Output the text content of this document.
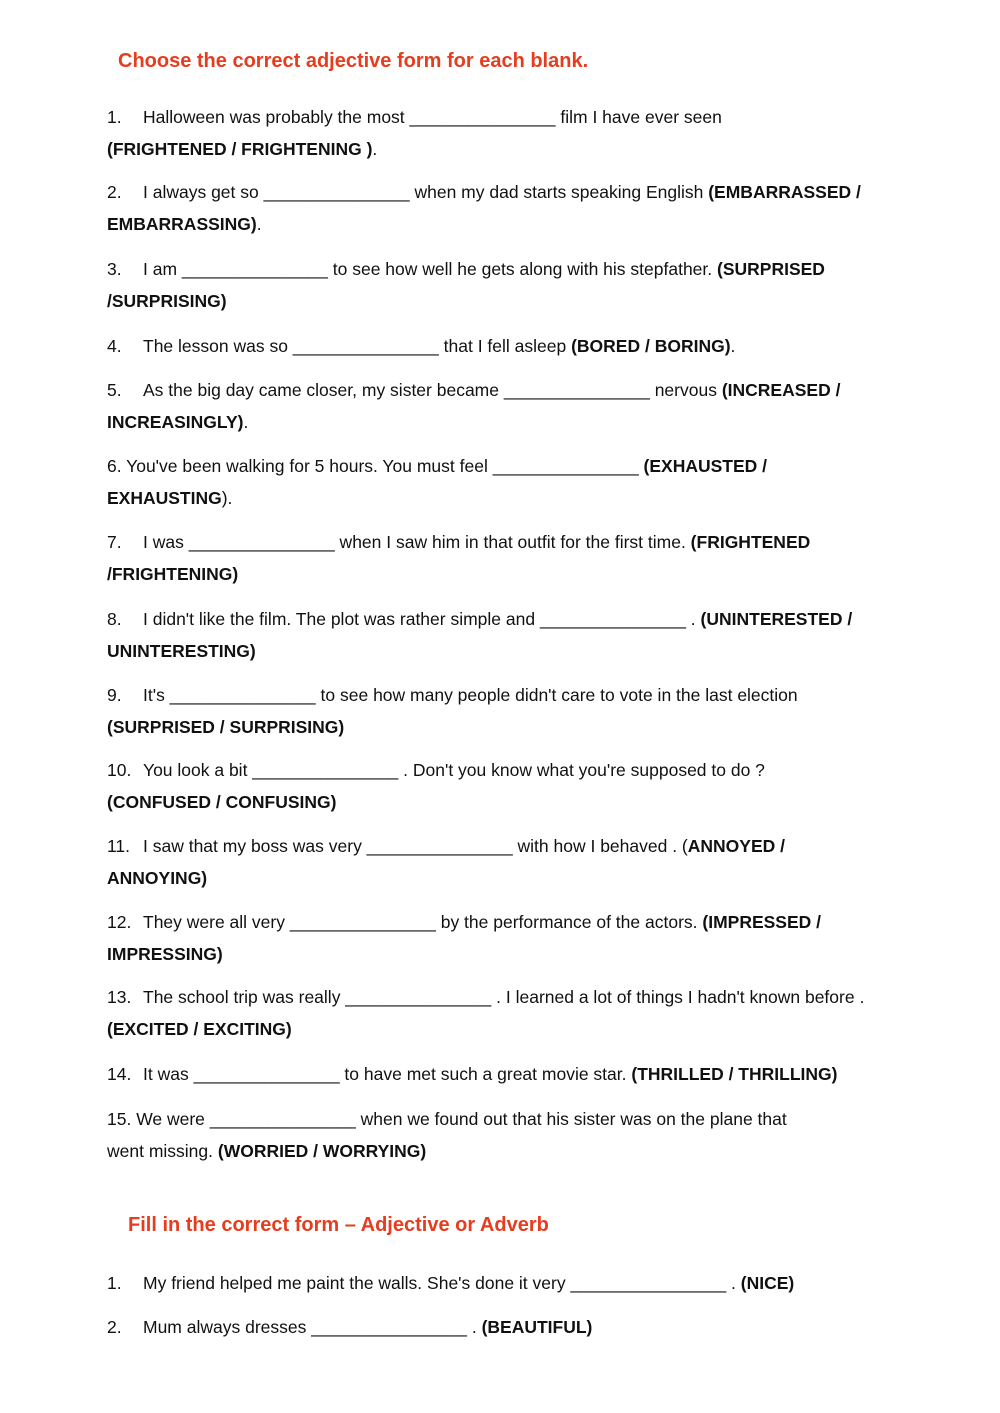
Choose the correct adjective form for each blank.
1. Halloween was probably the most _______________ film I have ever seen
(FRIGHTENED / FRIGHTENING ).
2. I always get so _______________ when my dad starts speaking English (EMBARRASSED /
EMBARRASSING).
3. I am _______________ to see how well he gets along with his stepfather. (SURPRISED
/SURPRISING)
4. The lesson was so _______________ that I fell asleep (BORED / BORING).
5. As the big day came closer, my sister became _______________ nervous (INCREASED /
INCREASINGLY).
6. You've been walking for 5 hours. You must feel _______________ (EXHAUSTED /
EXHAUSTING).
7. I was _______________ when I saw him in that outfit for the first time. (FRIGHTENED
/FRIGHTENING)
8. I didn't like the film. The plot was rather simple and _______________ . (UNINTERESTED /
UNINTERESTING)
9. It's _______________ to see how many people didn't care to vote in the last election
(SURPRISED / SURPRISING)
10. You look a bit _______________ . Don't you know what you're supposed to do ?
(CONFUSED / CONFUSING)
11. I saw that my boss was very _______________ with how I behaved . (ANNOYED /
ANNOYING)
12. They were all very _______________ by the performance of the actors. (IMPRESSED /
IMPRESSING)
13. The school trip was really _______________ . I learned a lot of things I hadn't known before .
(EXCITED / EXCITING)
14. It was _______________ to have met such a great movie star. (THRILLED / THRILLING)
15. We were _______________ when we found out that his sister was on the plane that
went missing. (WORRIED / WORRYING)
Fill in the correct form – Adjective or Adverb
1. My friend helped me paint the walls. She's done it very ________________ . (NICE)
2. Mum always dresses ________________ . (BEAUTIFUL)
